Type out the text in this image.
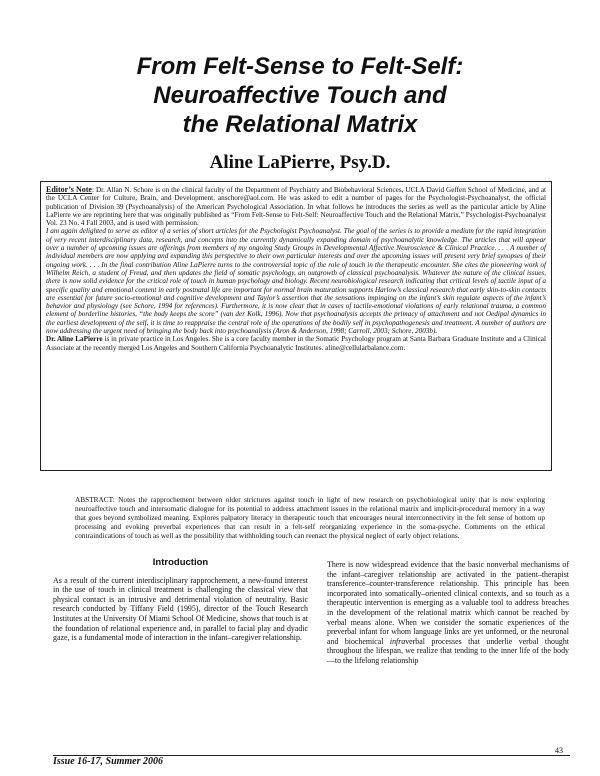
From Felt-Sense to Felt-Self:
Neuroaffective Touch and
the Relational Matrix

Aline LaPierre, Psy.D.

Editor’s Note: Dr. Allan N. Schore is on the clinical faculty of the Department of Psychiatry and Biobehavioral Sciences, UCLA David Geffen School of Medicine, and at the UCLA Center for Culture, Brain, and Development. anschore@aol.com. He was asked to edit a number of pages for the Psychologist-Psychoanalyst, the official publication of Division 39 (Psychoanalysis) of the American Psychological Association. In what follows he introduces the series as well as the particular article by Aline LaPierre we are reprinting here that was originally published as “From Felt-Sense to Felt-Self: Neuroaffective Touch and the Relational Matrix,” Psychologist-Psychoanalyst Vol. 23 No. 4 Fall 2003, and is used with permission.

I am again delighted to serve as editor of a series of short articles for the Psychologist Psychoanalyst. The goal of the series is to provide a medium for the rapid integration of very recent interdisciplinary data, research, and concepts into the currently dynamically expanding domain of psychoanalytic knowledge. The articles that will appear over a number of upcoming issues are offerings from members of my ongoing Study Groups in Developmental Affective Neuroscience & Clinical Practice. . . . A number of individual members are now applying and expanding this perspective to their own particular interests and over the upcoming issues will present very brief synopses of their ongoing work. . . . In the final contribution Aline LaPierre turns to the controversial topic of the role of touch in the therapeutic encounter. She cites the pioneering work of Wilhelm Reich, a student of Freud, and then updates the field of somatic psychology, an outgrowth of classical psychoanalysis. Whatever the nature of the clinical issues, there is now solid evidence for the critical role of touch in human psychology and biology. Recent neurobiological research indicating that critical levels of tactile input of a specific quality and emotional content in early postnatal life are important for normal brain maturation supports Harlow’s classical research that early skin-to-skin contacts are essential for future socio-emotional and cognitive development and Taylor’s assertion that the sensations impinging on the infant’s skin regulate aspects of the infant’s behavior and physiology (see Schore, 1994 for references). Furthermore, it is now clear that in cases of tactile-emotional violations of early relational trauma, a common element of borderline histories, “the body keeps the score” (van der Kolk, 1996). Now that psychoanalysis accepts the primacy of attachment and not Oedipal dynamics in the earliest development of the self, it is time to reappraise the central role of the operations of the bodily self in psychopathogenesis and treatment. A number of authors are now addressing the urgent need of bringing the body back into psychoanalysis (Aron & Anderson, 1998; Carroll, 2003; Schore, 2003b).

Dr. Aline LaPierre is in private practice in Los Angeles. She is a core faculty member in the Somatic Psychology program at Santa Barbara Graduate Institute and a Clinical Associate at the recently merged Los Angeles and Southern California Psychoanalytic Institutes. aline@cellularbalance.com.

ABSTRACT: Notes the rapprochement between older strictures against touch in light of new research on psychobiological unity that is now exploring neuroaffective touch and intersomatic dialogue for its potential to address attachment issues in the relational matrix and implicit-procedural memory in a way that goes beyond symbolized meaning. Explores palpatory literacy in therapeutic touch that encourages neural interconnectivity in the felt sense of bottom up processing and evoking preverbal experiences that can result in a felt-self reorganizing experience in the soma-psyche. Comments on the ethical contraindications of touch as well as the possibility that withholding touch can reenact the physical neglect of early object relations.

Introduction

As a result of the current interdisciplinary rapprochement, a new-found interest in the use of touch in clinical treatment is challenging the classical view that physical contact is an intrusive and detrimental violation of neutrality. Basic research conducted by Tiffany Field (1995), director of the Touch Research Institutes at the University Of Miami School Of Medicine, shows that touch is at the foundation of relational experience and, in parallel to facial play and dyadic gaze, is a fundamental mode of interaction in the infant–caregiver relationship.

There is now widespread evidence that the basic nonverbal mechanisms of the infant–caregiver relationship are activated in the patient–therapist transference–counter-transference relationship. This principle has been incorporated into somatically–oriented clinical contexts, and so touch as a therapeutic intervention is emerging as a valuable tool to address breaches in the development of the relational matrix which cannot be reached by verbal means alone. When we consider the somatic experiences of the preverbal infant for whom language links are yet unformed, or the neuronal and biochemical infraverbal processes that underlie verbal thought throughout the lifespan, we realize that tending to the inner life of the body—to the lifelong relationship

43
Issue 16-17, Summer 2006
